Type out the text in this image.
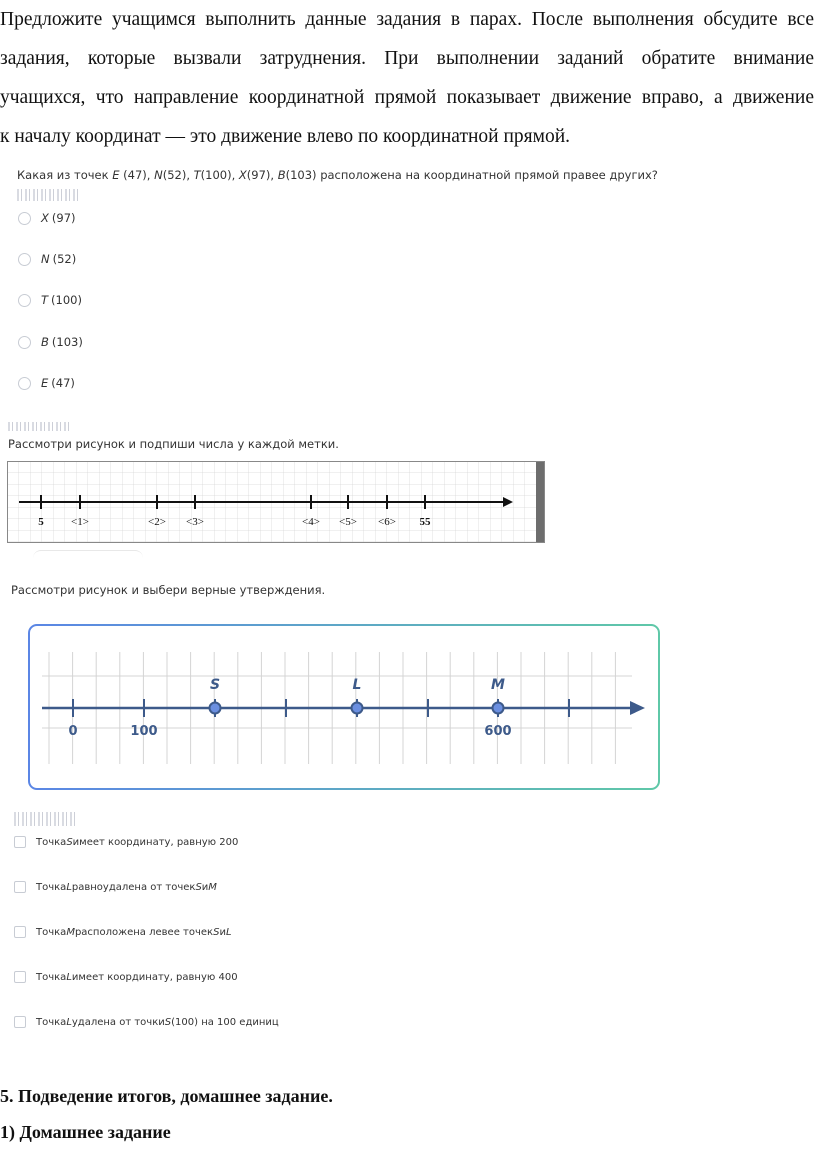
Предложите учащимся выполнить данные задания в парах. После выполнения обсудите все
задания, которые вызвали затруднения. При выполнении заданий обратите внимание
учащихся, что направление координатной прямой показывает движение вправо, а движение
к началу координат — это движение влево по координатной прямой.
Какая из точек E (47), N(52), T(100), X(97), B(103) расположена на координатной прямой правее других?
X (97)
N (52)
T (100)
B (103)
E (47)
Рассмотри рисунок и подпиши числа у каждой метки.
5 <1>	<2> <3>	<4> <5> <6> 55
Рассмотри рисунок и выбери верные утверждения.
0	100	600
S	L	M
Точка S имеет координату, равную 200
Точка L равноудалена от точек S и M
Точка M расположена левее точек S и L
Точка L имеет координату, равную 400
Точка L удалена от точки S (100) на 100 единиц
5. Подведение итогов, домашнее задание.
1) Домашнее задание
